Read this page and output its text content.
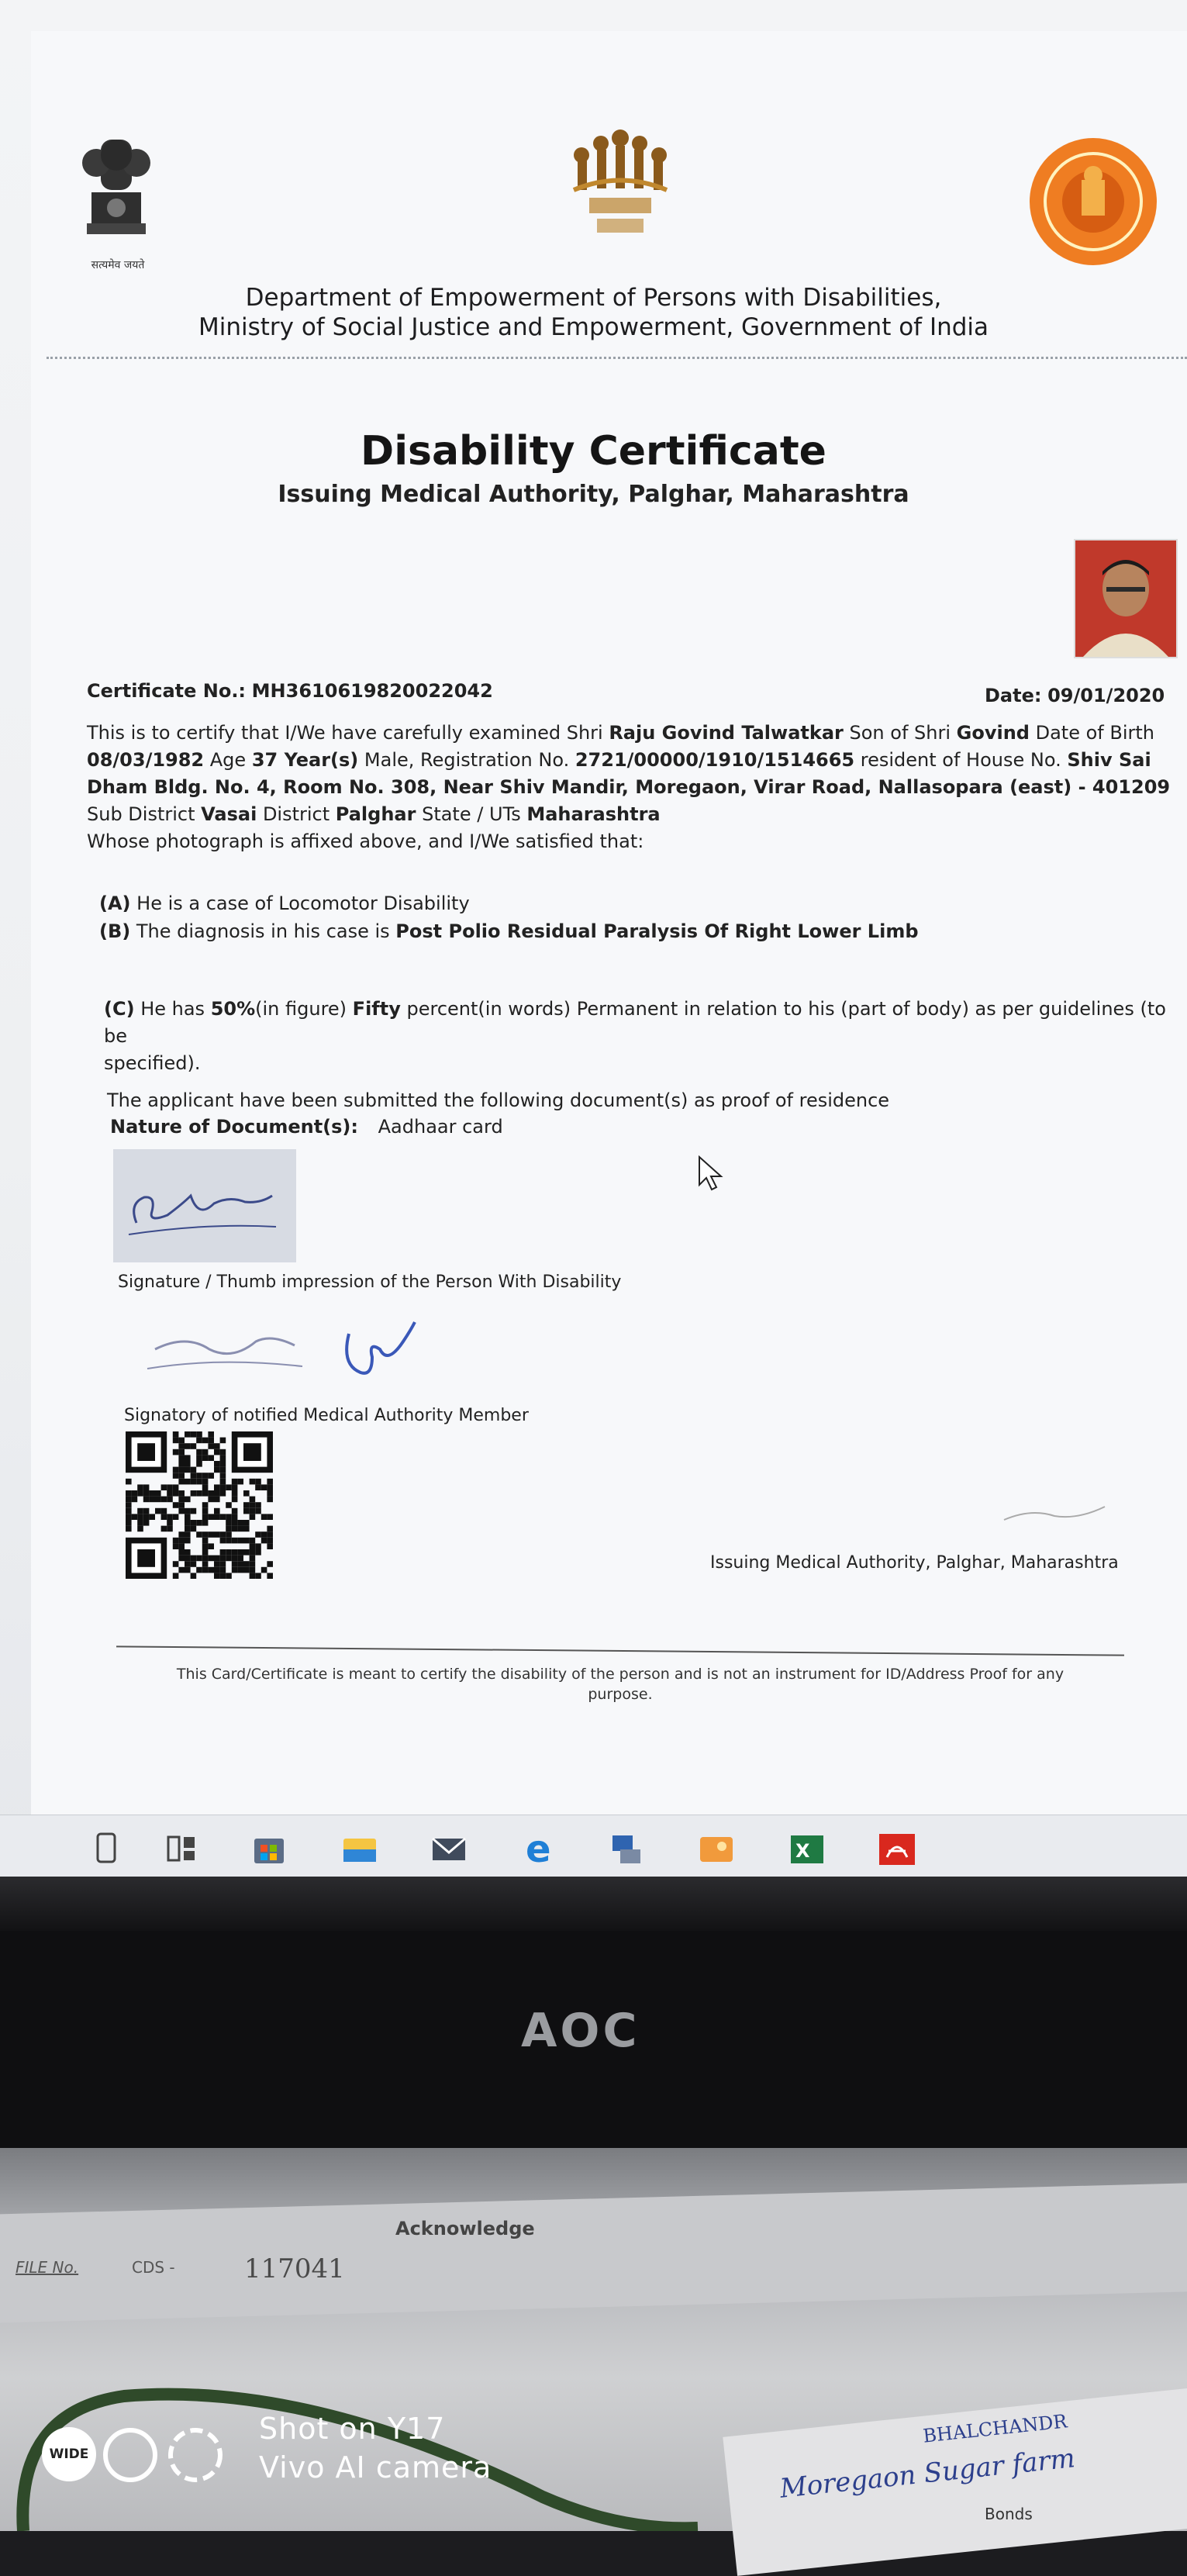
सत्यमेव जयते
Department of Empowerment of Persons with Disabilities,
Ministry of Social Justice and Empowerment, Government of India
Disability Certificate
Issuing Medical Authority, Palghar, Maharashtra
Certificate No.: MH3610619820022042	Date: 09/01/2020
This is to certify that I/We have carefully examined Shri Raju Govind Talwatkar Son of Shri Govind Date of Birth
08/03/1982 Age 37 Year(s) Male, Registration No. 2721/00000/1910/1514665 resident of House No. Shiv Sai
Dham Bldg. No. 4, Room No. 308, Near Shiv Mandir, Moregaon, Virar Road, Nallasopara (east) - 401209
Sub District Vasai District Palghar State / UTs Maharashtra
Whose photograph is affixed above, and I/We satisfied that:
(A) He is a case of Locomotor Disability
(B) The diagnosis in his case is Post Polio Residual Paralysis Of Right Lower Limb
(C) He has 50%(in figure) Fifty percent(in words) Permanent in relation to his (part of body) as per guidelines (to be
specified).
The applicant have been submitted the following document(s) as proof of residence
Nature of Document(s): Aadhaar card
Signature / Thumb impression of the Person With Disability
Signatory of notified Medical Authority Member
Issuing Medical Authority, Palghar, Maharashtra
This Card/Certificate is meant to certify the disability of the person and is not an instrument for ID/Address Proof for any
purpose.
e	X
AOC
Acknowledge
FILE No.	CDS -	117041
BHALCHANDR
Moregaon Sugar farm
Bonds
WIDE
Shot on Y17
Vivo AI camera
